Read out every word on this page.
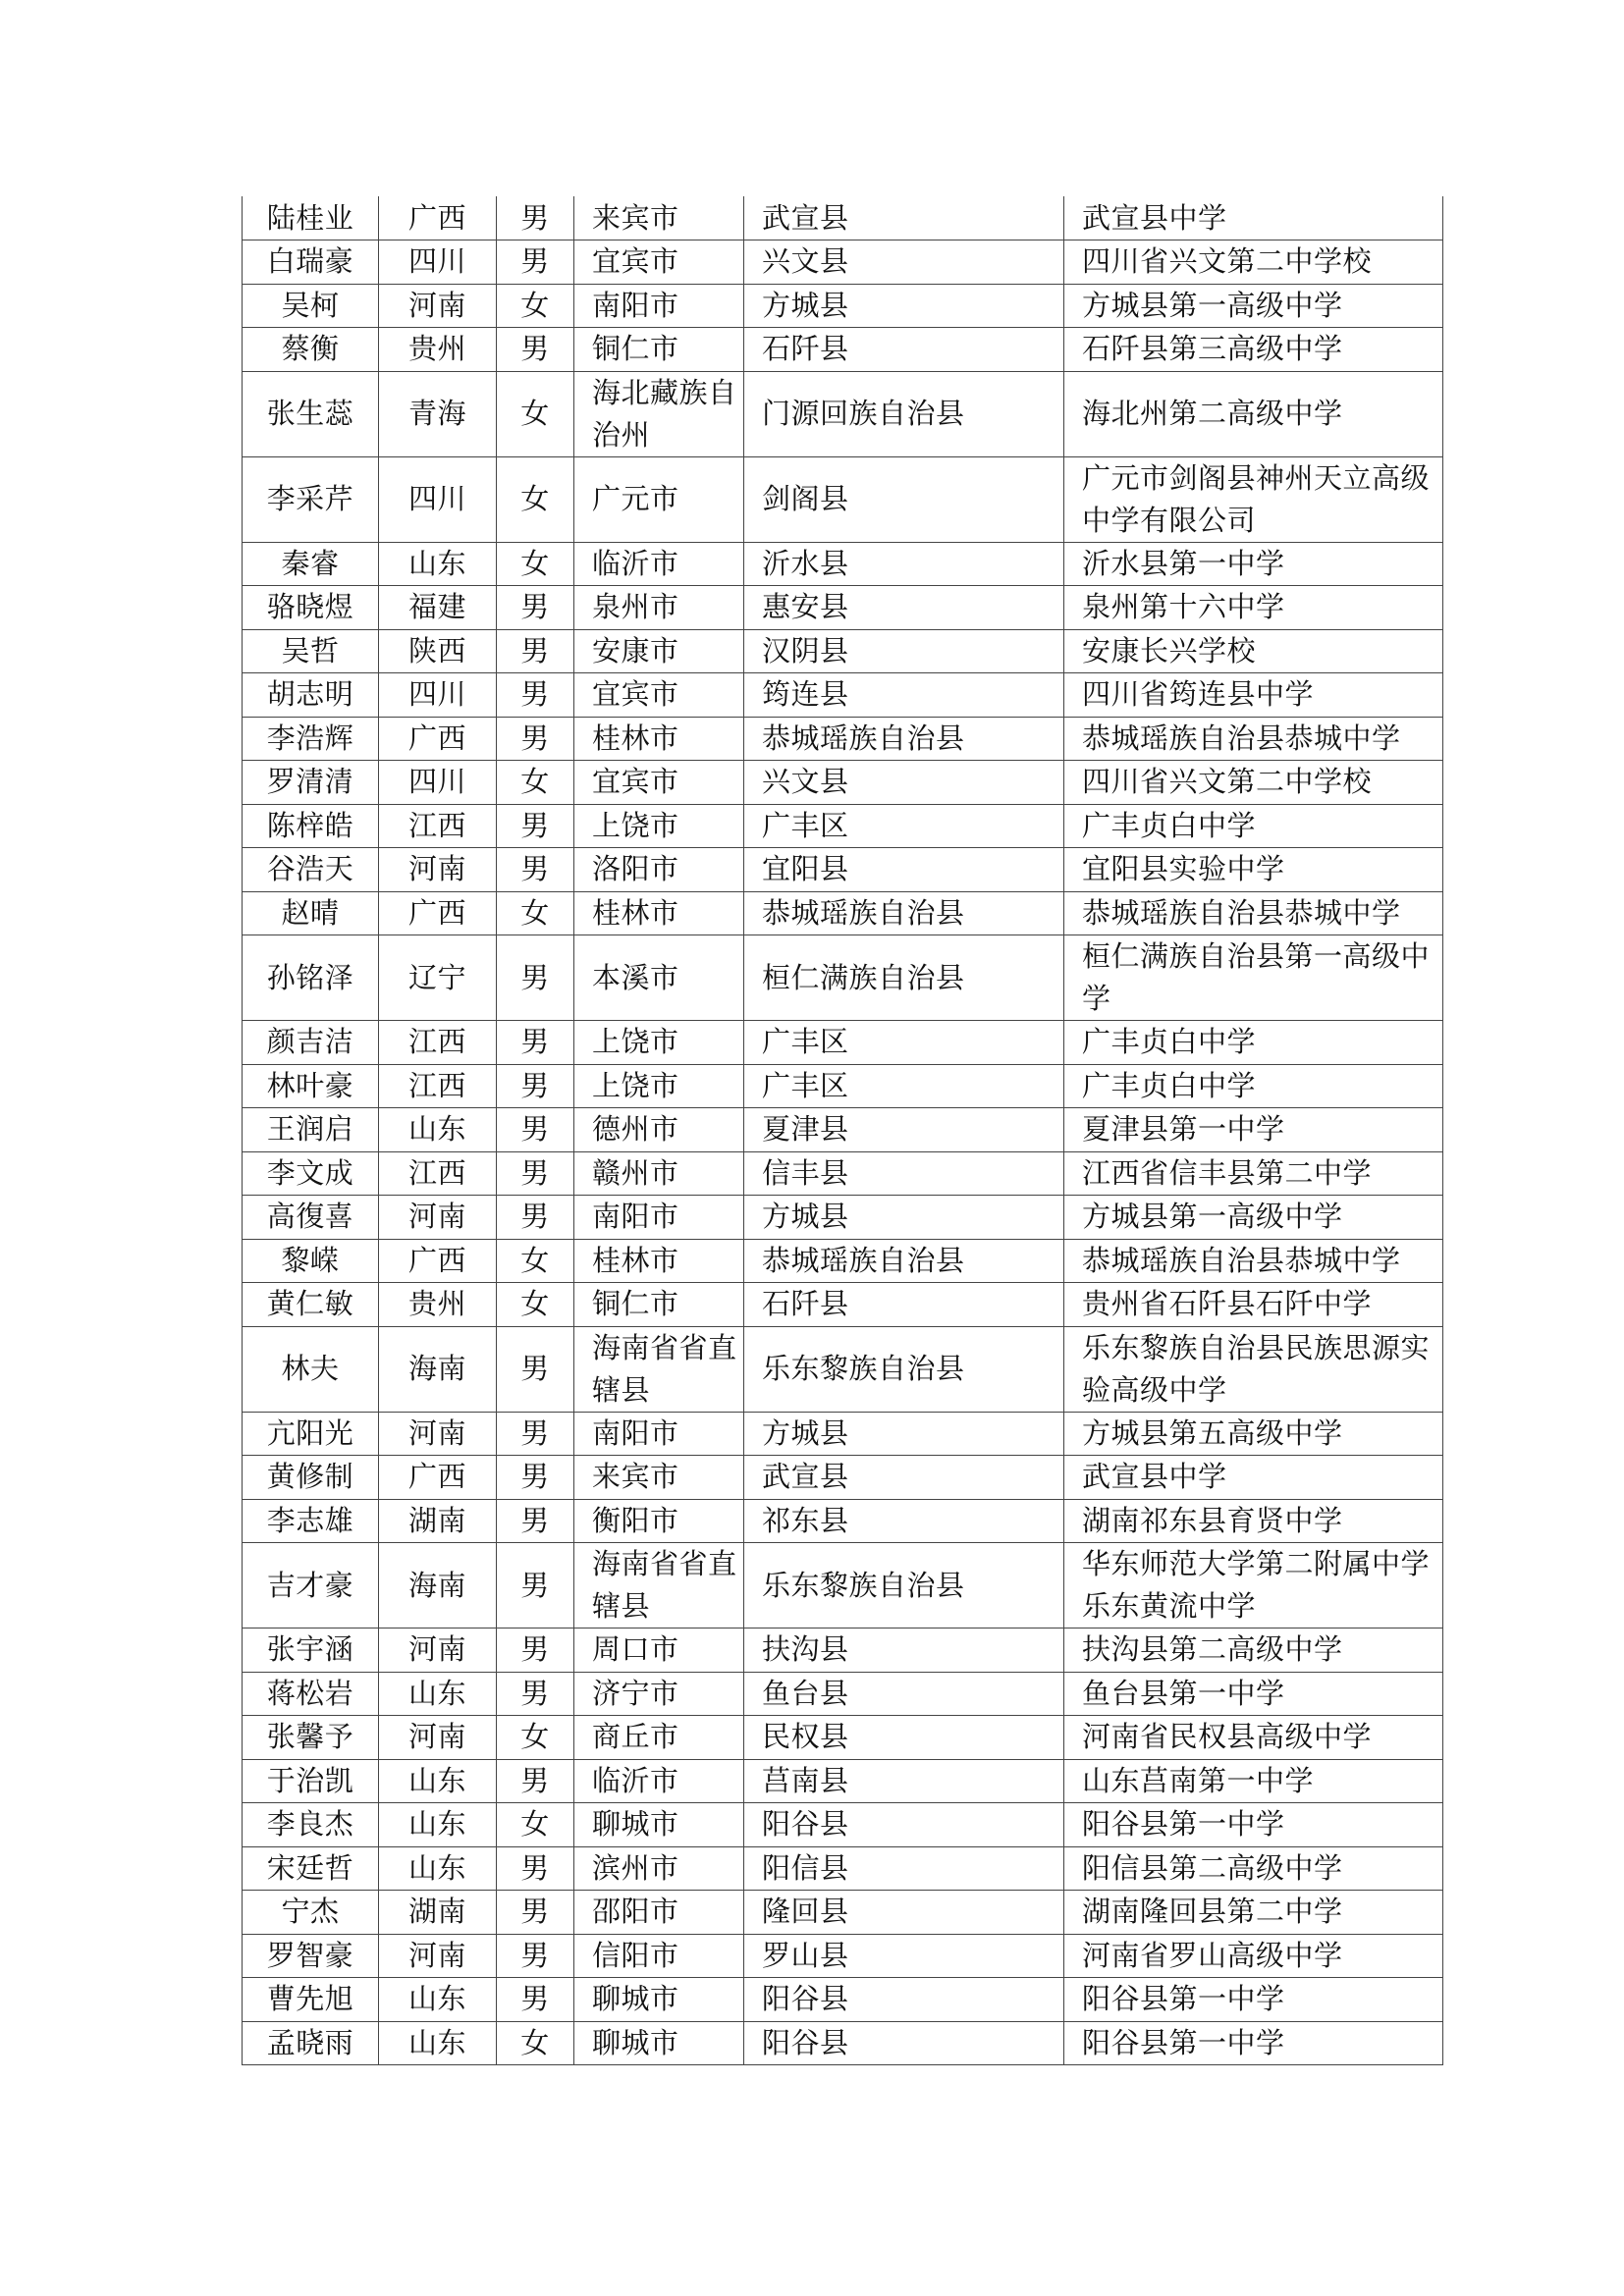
陆桂业	广西	男	来宾市	武宣县	武宣县中学
白瑞豪	四川	男	宜宾市	兴文县	四川省兴文第二中学校
吴柯	河南	女	南阳市	方城县	方城县第一高级中学
蔡衡	贵州	男	铜仁市	石阡县	石阡县第三高级中学
张生蕊	青海	女	海北藏族自治州	门源回族自治县	海北州第二高级中学
李采芹	四川	女	广元市	剑阁县	广元市剑阁县神州天立高级中学有限公司
秦睿	山东	女	临沂市	沂水县	沂水县第一中学
骆晓煜	福建	男	泉州市	惠安县	泉州第十六中学
吴哲	陕西	男	安康市	汉阴县	安康长兴学校
胡志明	四川	男	宜宾市	筠连县	四川省筠连县中学
李浩辉	广西	男	桂林市	恭城瑶族自治县	恭城瑶族自治县恭城中学
罗清清	四川	女	宜宾市	兴文县	四川省兴文第二中学校
陈梓皓	江西	男	上饶市	广丰区	广丰贞白中学
谷浩天	河南	男	洛阳市	宜阳县	宜阳县实验中学
赵晴	广西	女	桂林市	恭城瑶族自治县	恭城瑶族自治县恭城中学
孙铭泽	辽宁	男	本溪市	桓仁满族自治县	桓仁满族自治县第一高级中学
颜吉洁	江西	男	上饶市	广丰区	广丰贞白中学
林叶豪	江西	男	上饶市	广丰区	广丰贞白中学
王润启	山东	男	德州市	夏津县	夏津县第一中学
李文成	江西	男	赣州市	信丰县	江西省信丰县第二中学
高復喜	河南	男	南阳市	方城县	方城县第一高级中学
黎嵘	广西	女	桂林市	恭城瑶族自治县	恭城瑶族自治县恭城中学
黄仁敏	贵州	女	铜仁市	石阡县	贵州省石阡县石阡中学
林夫	海南	男	海南省省直辖县	乐东黎族自治县	乐东黎族自治县民族思源实验高级中学
亢阳光	河南	男	南阳市	方城县	方城县第五高级中学
黄修制	广西	男	来宾市	武宣县	武宣县中学
李志雄	湖南	男	衡阳市	祁东县	湖南祁东县育贤中学
吉才豪	海南	男	海南省省直辖县	乐东黎族自治县	华东师范大学第二附属中学乐东黄流中学
张宇涵	河南	男	周口市	扶沟县	扶沟县第二高级中学
蒋松岩	山东	男	济宁市	鱼台县	鱼台县第一中学
张馨予	河南	女	商丘市	民权县	河南省民权县高级中学
于治凯	山东	男	临沂市	莒南县	山东莒南第一中学
李良杰	山东	女	聊城市	阳谷县	阳谷县第一中学
宋廷哲	山东	男	滨州市	阳信县	阳信县第二高级中学
宁杰	湖南	男	邵阳市	隆回县	湖南隆回县第二中学
罗智豪	河南	男	信阳市	罗山县	河南省罗山高级中学
曹先旭	山东	男	聊城市	阳谷县	阳谷县第一中学
孟晓雨	山东	女	聊城市	阳谷县	阳谷县第一中学
